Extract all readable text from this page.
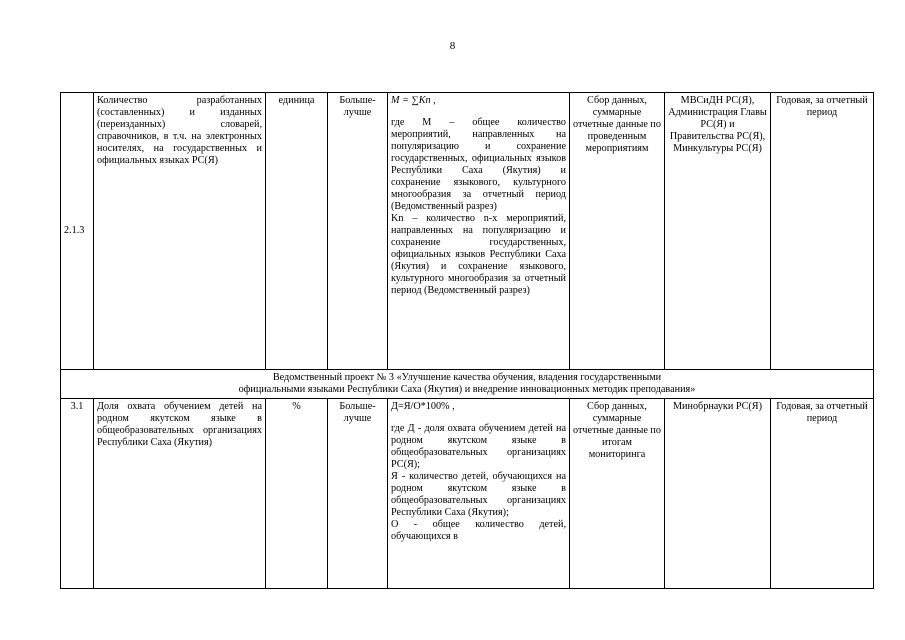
8
2.1.3	Количество разработанных (составленных) и изданных (переизданных) словарей, справочников, в т.ч. на электронных носителях, на государственных и официальных языках РС(Я)	единица	Больше-лучше	M = ∑Kn ,

где М – общее количество мероприятий, направленных на популяризацию и сохранение государственных, официальных языков Республики Саха (Якутия) и сохранение языкового, культурного многообразия за отчетный период (Ведомственный разрез)

Kn – количество n-х мероприятий, направленных на популяризацию и сохранение государственных, официальных языков Республики Саха (Якутия) и сохранение языкового, культурного многообразия за отчетный период (Ведомственный разрез)	Сбор данных, суммарные отчетные данные по проведенным мероприятиям	МВСиДН РС(Я), Администрация Главы РС(Я) и Правительства РС(Я), Минкультуры РС(Я)	Годовая, за отчетный период

Ведомственный проект № 3 «Улучшение качества обучения, владения государственными
официальными языками Республики Саха (Якутия) и внедрение инновационных методик преподавания»							

3.1	Доля охвата обучением детей на родном якутском языке в общеобразовательных организациях Республики Саха (Якутия)	%	Больше-лучше	Д=Я/О*100% ,

где Д - доля охвата обучением детей на родном якутском языке в общеобразовательных организациях РС(Я);

Я - количество детей, обучающихся на родном якутском языке в общеобразовательных организациях Республики Саха (Якутия);

О - общее количество детей, обучающихся в	Сбор данных, суммарные отчетные данные по итогам мониторинга	Минобрнауки РС(Я)	Годовая, за отчетный период
